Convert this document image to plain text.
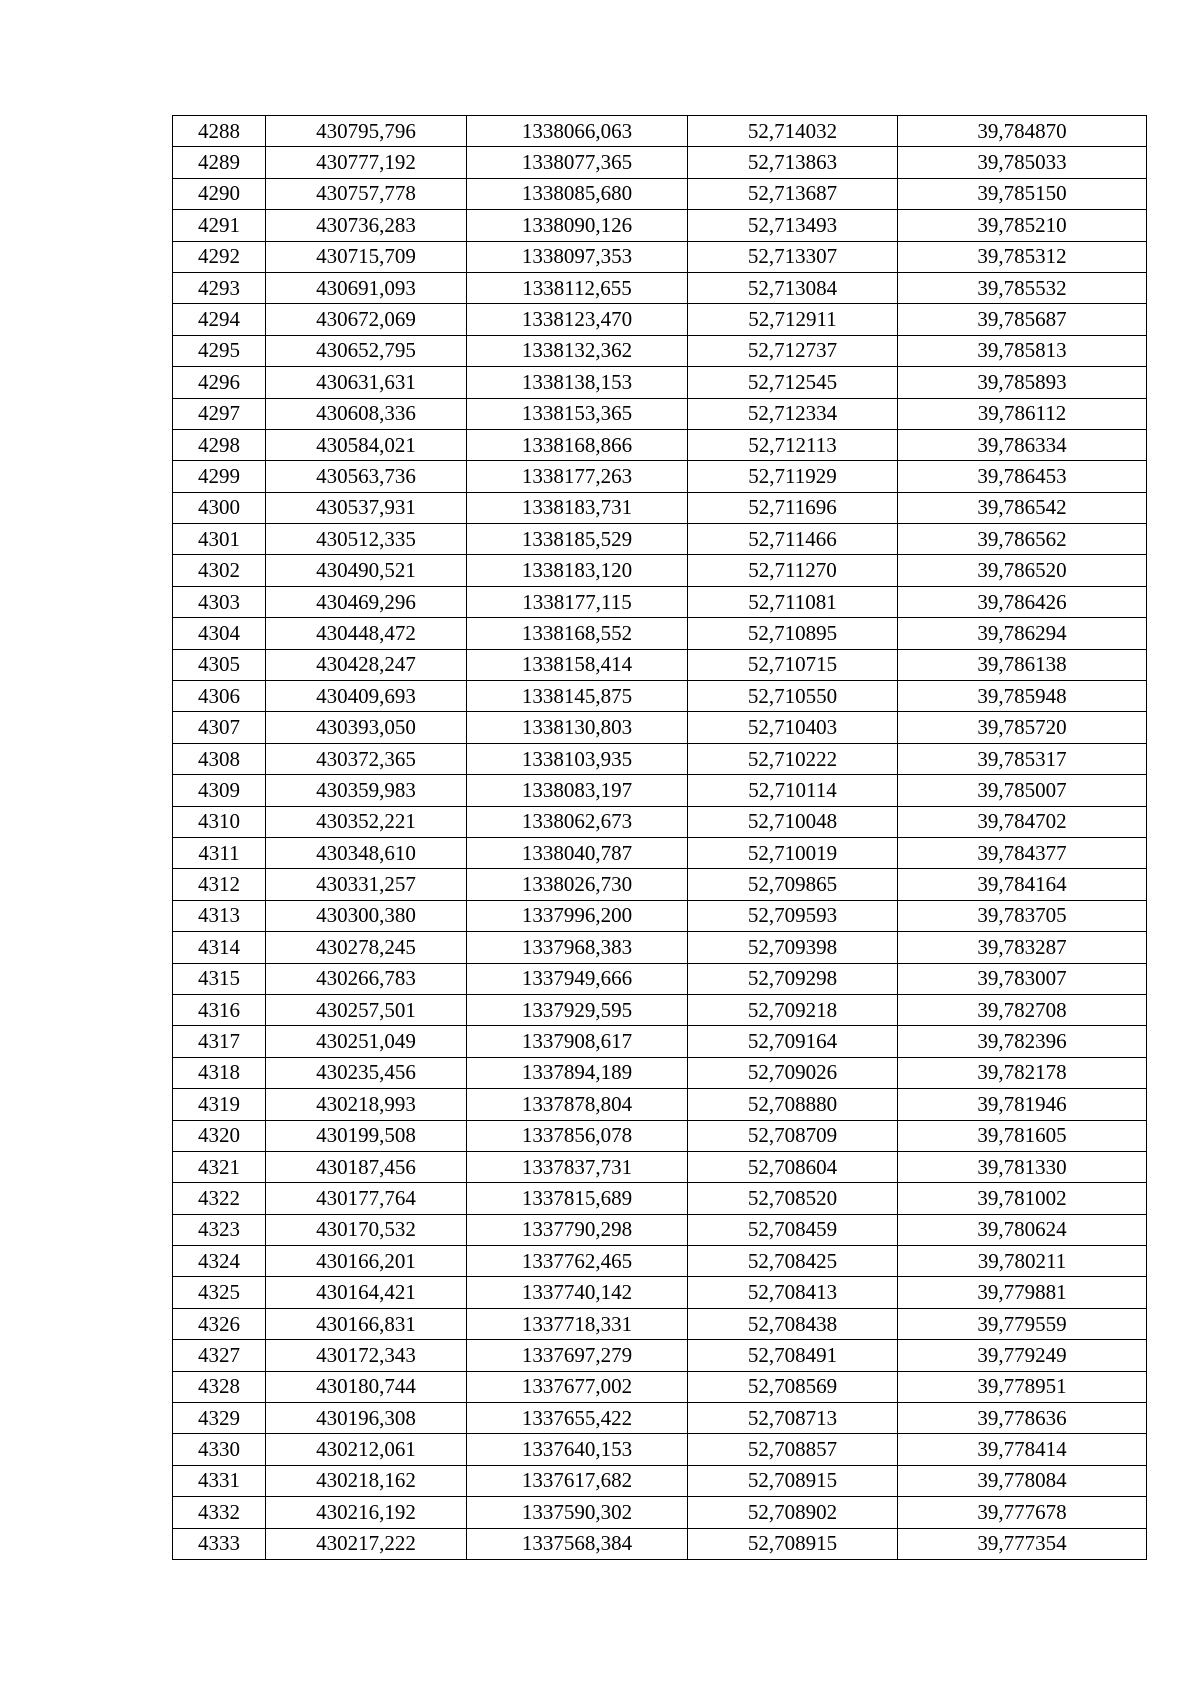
4288	430795,796	1338066,063	52,714032	39,784870
4289	430777,192	1338077,365	52,713863	39,785033
4290	430757,778	1338085,680	52,713687	39,785150
4291	430736,283	1338090,126	52,713493	39,785210
4292	430715,709	1338097,353	52,713307	39,785312
4293	430691,093	1338112,655	52,713084	39,785532
4294	430672,069	1338123,470	52,712911	39,785687
4295	430652,795	1338132,362	52,712737	39,785813
4296	430631,631	1338138,153	52,712545	39,785893
4297	430608,336	1338153,365	52,712334	39,786112
4298	430584,021	1338168,866	52,712113	39,786334
4299	430563,736	1338177,263	52,711929	39,786453
4300	430537,931	1338183,731	52,711696	39,786542
4301	430512,335	1338185,529	52,711466	39,786562
4302	430490,521	1338183,120	52,711270	39,786520
4303	430469,296	1338177,115	52,711081	39,786426
4304	430448,472	1338168,552	52,710895	39,786294
4305	430428,247	1338158,414	52,710715	39,786138
4306	430409,693	1338145,875	52,710550	39,785948
4307	430393,050	1338130,803	52,710403	39,785720
4308	430372,365	1338103,935	52,710222	39,785317
4309	430359,983	1338083,197	52,710114	39,785007
4310	430352,221	1338062,673	52,710048	39,784702
4311	430348,610	1338040,787	52,710019	39,784377
4312	430331,257	1338026,730	52,709865	39,784164
4313	430300,380	1337996,200	52,709593	39,783705
4314	430278,245	1337968,383	52,709398	39,783287
4315	430266,783	1337949,666	52,709298	39,783007
4316	430257,501	1337929,595	52,709218	39,782708
4317	430251,049	1337908,617	52,709164	39,782396
4318	430235,456	1337894,189	52,709026	39,782178
4319	430218,993	1337878,804	52,708880	39,781946
4320	430199,508	1337856,078	52,708709	39,781605
4321	430187,456	1337837,731	52,708604	39,781330
4322	430177,764	1337815,689	52,708520	39,781002
4323	430170,532	1337790,298	52,708459	39,780624
4324	430166,201	1337762,465	52,708425	39,780211
4325	430164,421	1337740,142	52,708413	39,779881
4326	430166,831	1337718,331	52,708438	39,779559
4327	430172,343	1337697,279	52,708491	39,779249
4328	430180,744	1337677,002	52,708569	39,778951
4329	430196,308	1337655,422	52,708713	39,778636
4330	430212,061	1337640,153	52,708857	39,778414
4331	430218,162	1337617,682	52,708915	39,778084
4332	430216,192	1337590,302	52,708902	39,777678
4333	430217,222	1337568,384	52,708915	39,777354
